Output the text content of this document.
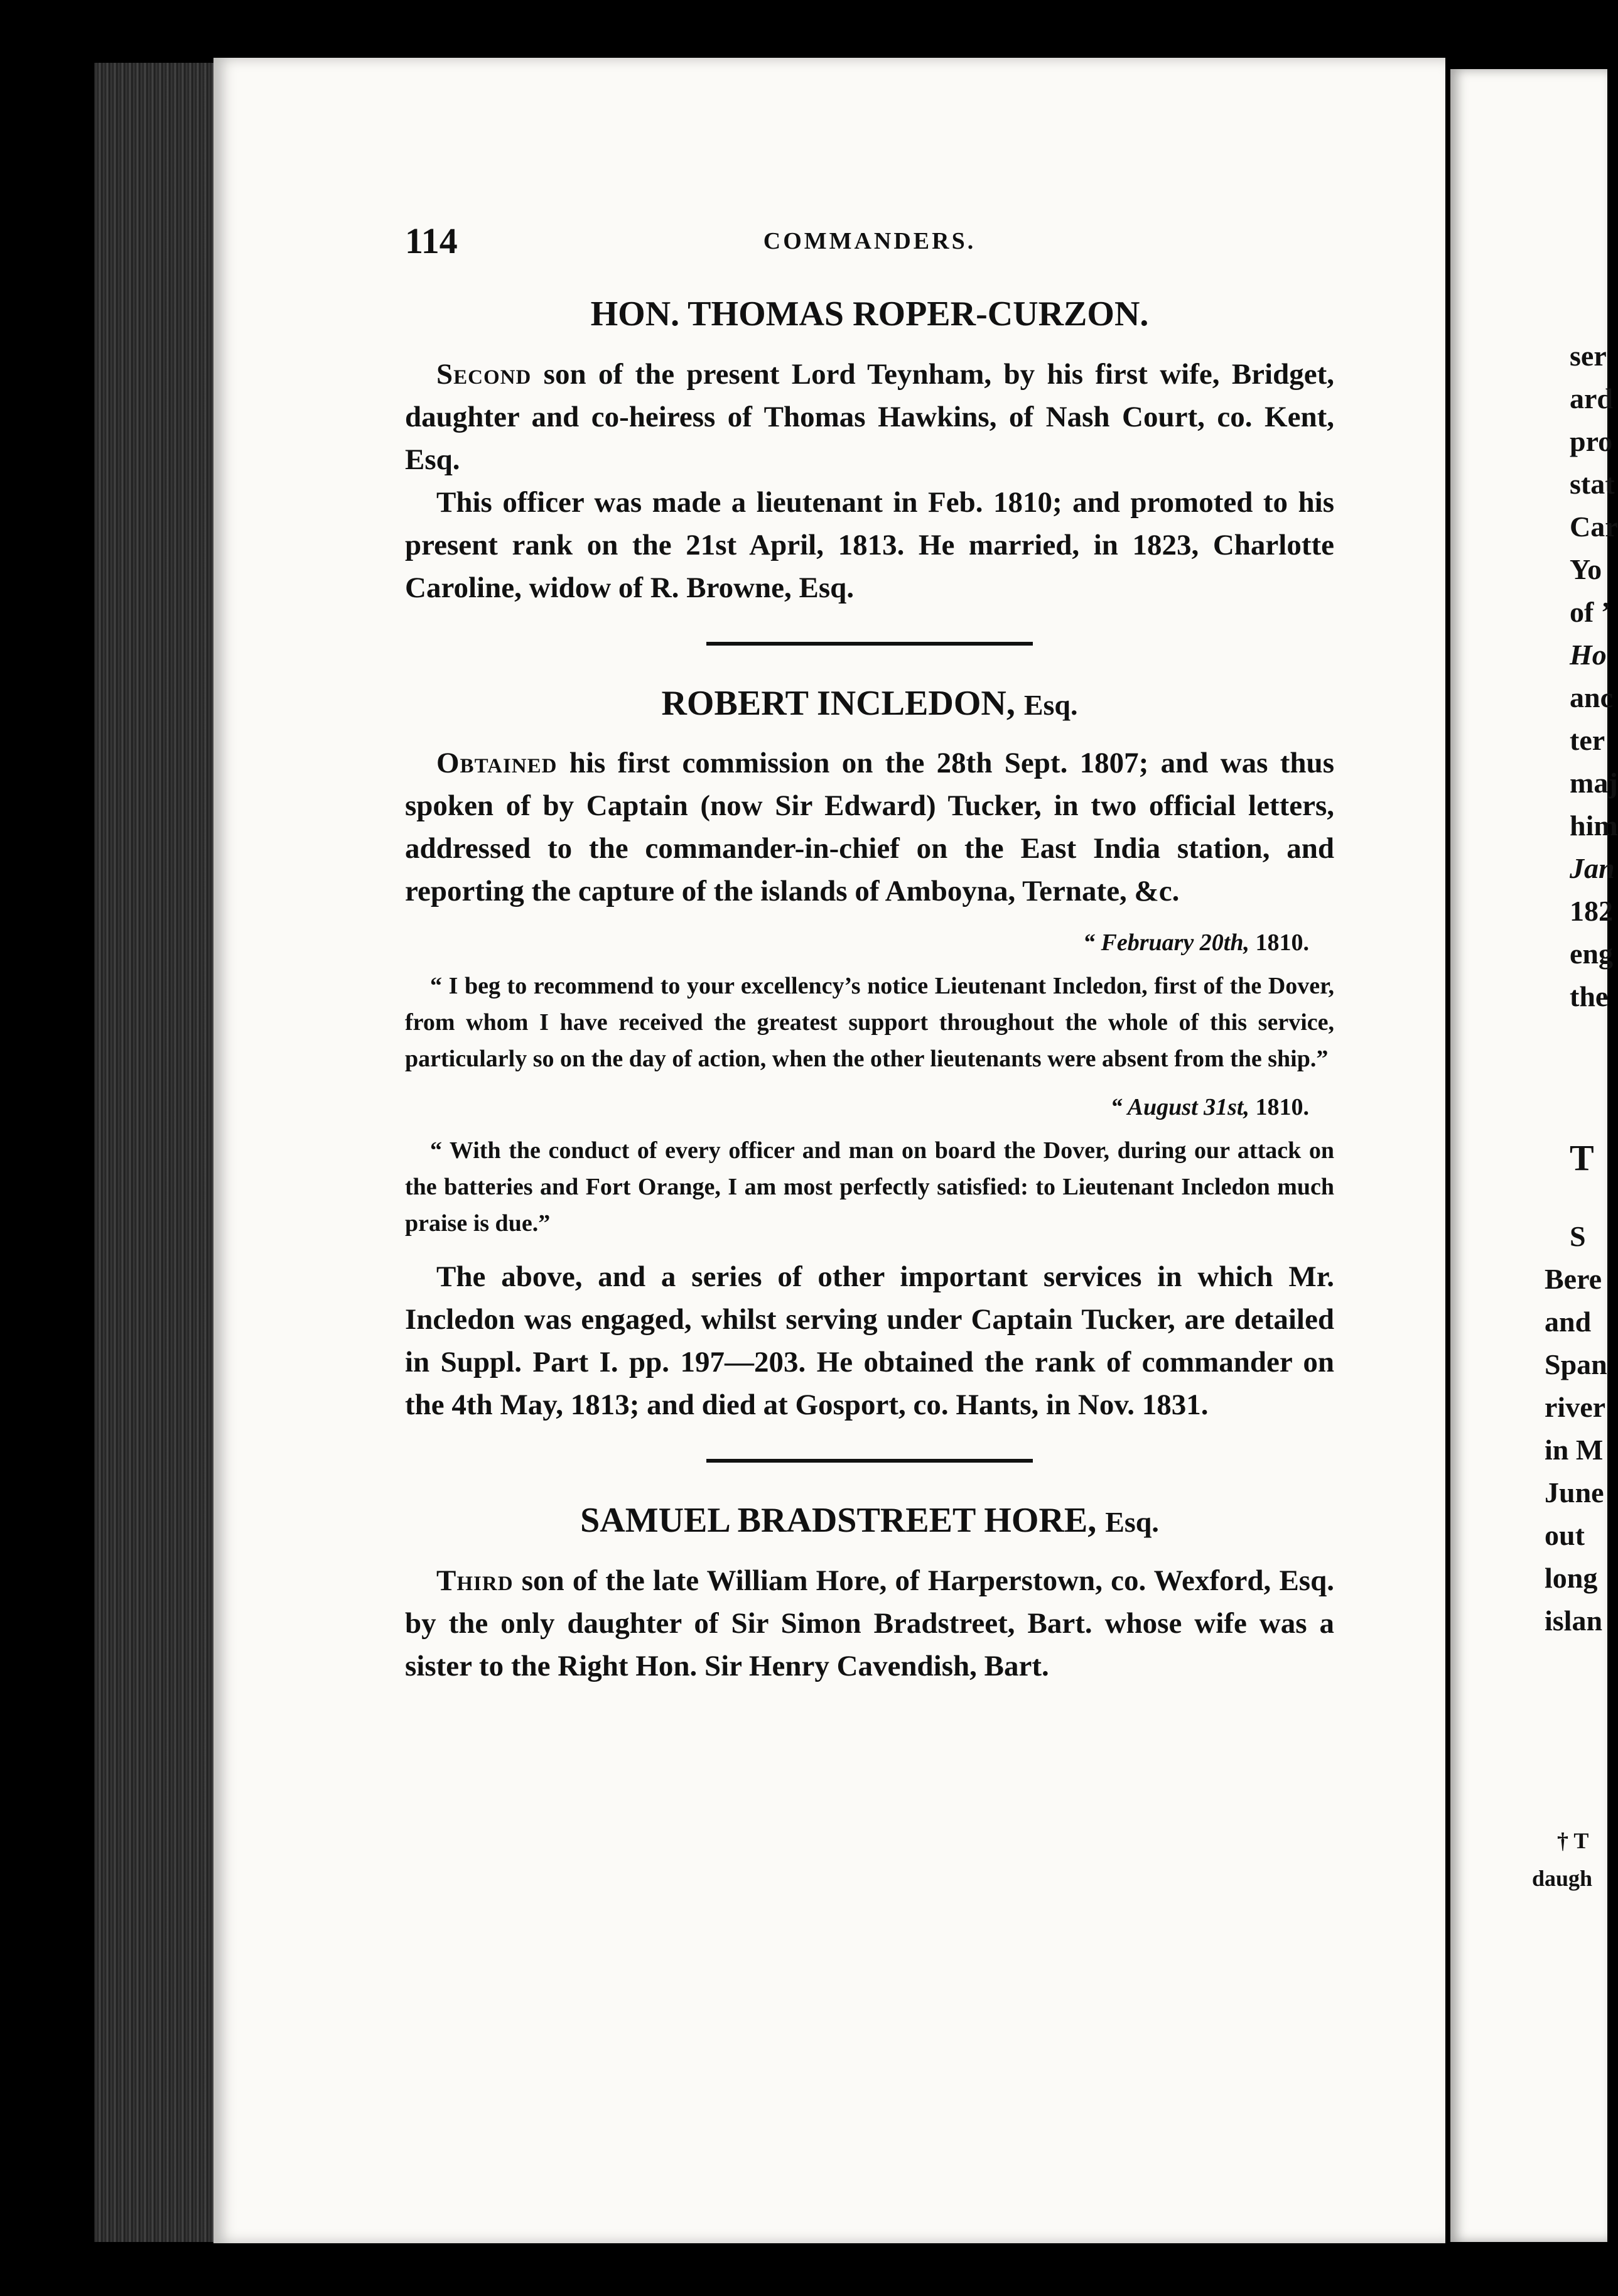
114	COMMANDERS.
HON. THOMAS ROPER-CURZON.

Second son of the present Lord Teynham, by his first wife, Bridget, daughter and co-heiress of Thomas Hawkins, of Nash Court, co. Kent, Esq.

This officer was made a lieutenant in Feb. 1810; and promoted to his present rank on the 21st April, 1813. He married, in 1823, Charlotte Caroline, widow of R. Browne, Esq.

ROBERT INCLEDON, Esq.

Obtained his first commission on the 28th Sept. 1807; and was thus spoken of by Captain (now Sir Edward) Tucker, in two official letters, addressed to the commander-in-chief on the East India station, and reporting the capture of the islands of Amboyna, Ternate, &c.

“ February 20th, 1810.

“ I beg to recommend to your excellency’s notice Lieutenant Incledon, first of the Dover, from whom I have received the greatest support throughout the whole of this service, particularly so on the day of action, when the other lieutenants were absent from the ship.”

“ August 31st, 1810.

“ With the conduct of every officer and man on board the Dover, during our attack on the batteries and Fort Orange, I am most perfectly satisfied: to Lieutenant Incledon much praise is due.”

The above, and a series of other important services in which Mr. Incledon was engaged, whilst serving under Captain Tucker, are detailed in Suppl. Part I. pp. 197—203. He obtained the rank of commander on the 4th May, 1813; and died at Gosport, co. Hants, in Nov. 1831.

SAMUEL BRADSTREET HORE, Esq.

Third son of the late William Hore, of Harperstown, co. Wexford, Esq. by the only daughter of Sir Simon Bradstreet, Bart. whose wife was a sister to the Right Hon. Sir Henry Cavendish, Bart.

ser
ard
pro
stat
Car
Yo
of ’
Ho
anc
ter
maj
him
Jan
182
eng
the
T
S
Bere
and
Span
river
in M
June
out
long
islan
† T
daugh
